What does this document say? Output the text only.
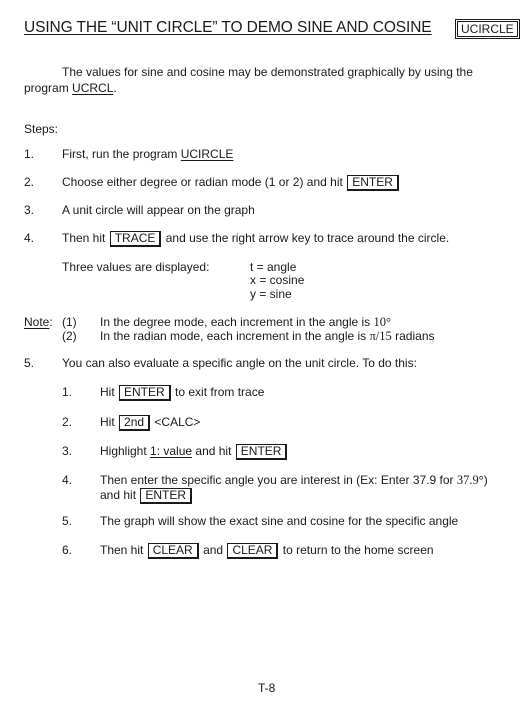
USING THE “UNIT CIRCLE” TO DEMO SINE AND COSINE	UCIRCLE
The values for sine and cosine may be demonstrated graphically by using the program UCRCL.
Steps:
1.	First, run the program UCIRCLE
2.	Choose either degree or radian mode (1 or 2) and hit ENTER
3.	A unit circle will appear on the graph
4.	Then hit TRACE and use the right arrow key to trace around the circle.
Three values are displayed:	t = angle
x = cosine
y = sine
Note: (1) In the degree mode, each increment in the angle is 10°
(2) In the radian mode, each increment in the angle is π/15 radians
5.	You can also evaluate a specific angle on the unit circle. To do this:
1. Hit ENTER to exit from trace
2. Hit 2nd <CALC>
3. Highlight 1: value and hit ENTER
4. Then enter the specific angle you are interest in (Ex: Enter 37.9 for 37.9°)
and hit ENTER
5. The graph will show the exact sine and cosine for the specific angle
6. Then hit CLEAR and CLEAR to return to the home screen
T-8
